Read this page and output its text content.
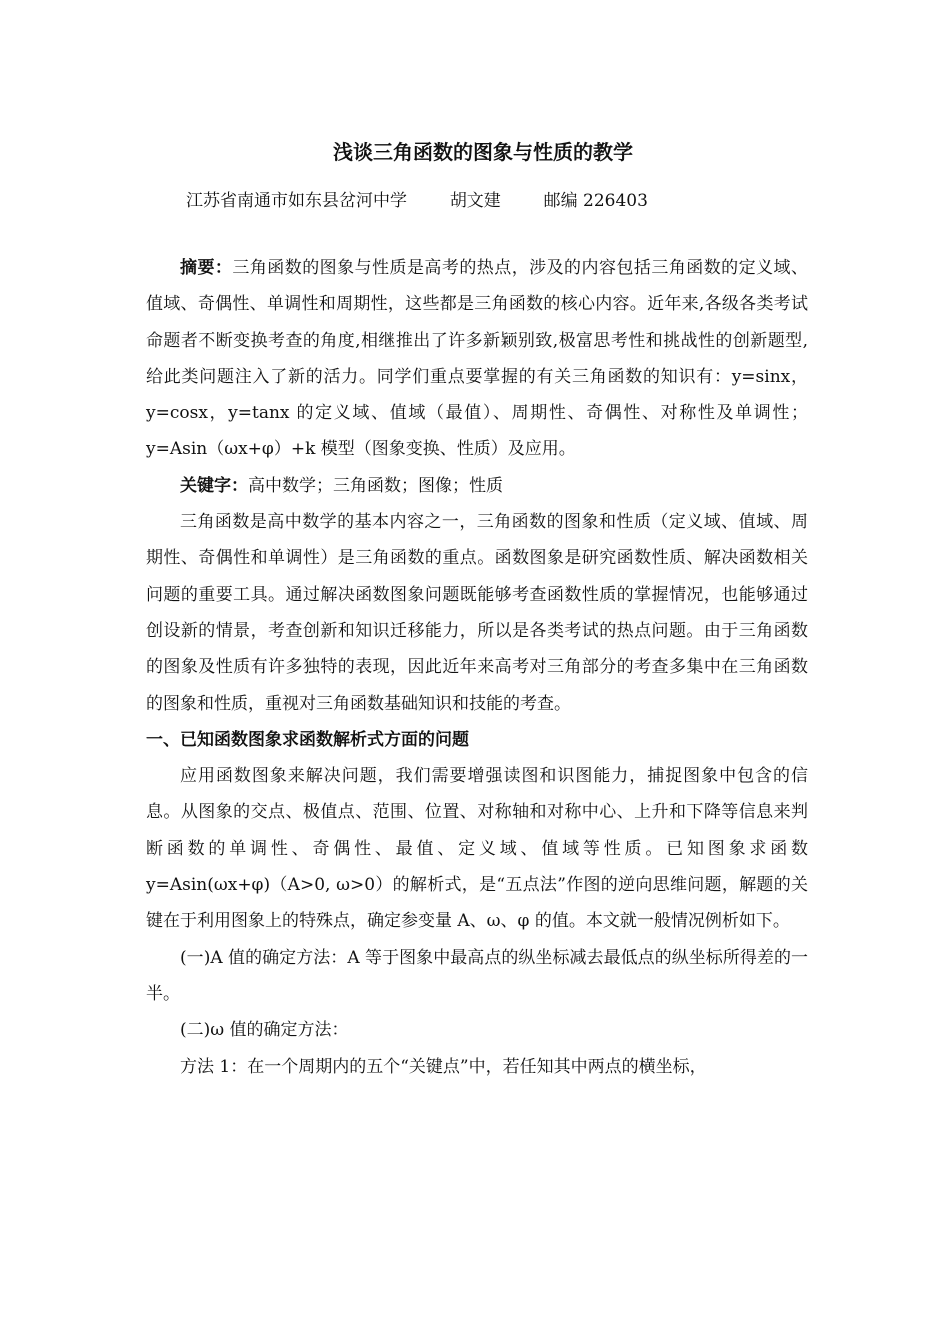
浅谈三角函数的图象与性质的教学
江苏省南通市如东县岔河中学	胡文建	邮编 226403

摘要：三角函数的图象与性质是高考的热点，涉及的内容包括三角函数的定义域、值域、奇偶性、单调性和周期性，这些都是三角函数的核心内容。近年来,各级各类考试命题者不断变换考查的角度,相继推出了许多新颖别致,极富思考性和挑战性的创新题型,给此类问题注入了新的活力。同学们重点要掌握的有关三角函数的知识有：y=sinx，y=cosx，y=tanx 的定义域、值域（最值）、周期性、奇偶性、对称性及单调性；y=Asin（ωx+φ）+k 模型（图象变换、性质）及应用。

关键字：高中数学；三角函数；图像；性质

三角函数是高中数学的基本内容之一，三角函数的图象和性质（定义域、值域、周期性、奇偶性和单调性）是三角函数的重点。函数图象是研究函数性质、解决函数相关问题的重要工具。通过解决函数图象问题既能够考查函数性质的掌握情况，也能够通过创设新的情景，考查创新和知识迁移能力，所以是各类考试的热点问题。由于三角函数的图象及性质有许多独特的表现，因此近年来高考对三角部分的考查多集中在三角函数的图象和性质，重视对三角函数基础知识和技能的考查。

一、已知函数图象求函数解析式方面的问题

应用函数图象来解决问题，我们需要增强读图和识图能力，捕捉图象中包含的信息。从图象的交点、极值点、范围、位置、对称轴和对称中心、上升和下降等信息来判断函数的单调性、奇偶性、最值、定义域、值域等性质。已知图象求函数 y=Asin(ωx+φ)（A>0, ω>0）的解析式，是“五点法”作图的逆向思维问题，解题的关键在于利用图象上的特殊点，确定参变量 A、ω、φ 的值。本文就一般情况例析如下。

(一)A 值的确定方法：A 等于图象中最高点的纵坐标减去最低点的纵坐标所得差的一半。

(二)ω 值的确定方法：

方法 1：在一个周期内的五个“关键点”中，若任知其中两点的横坐标，
